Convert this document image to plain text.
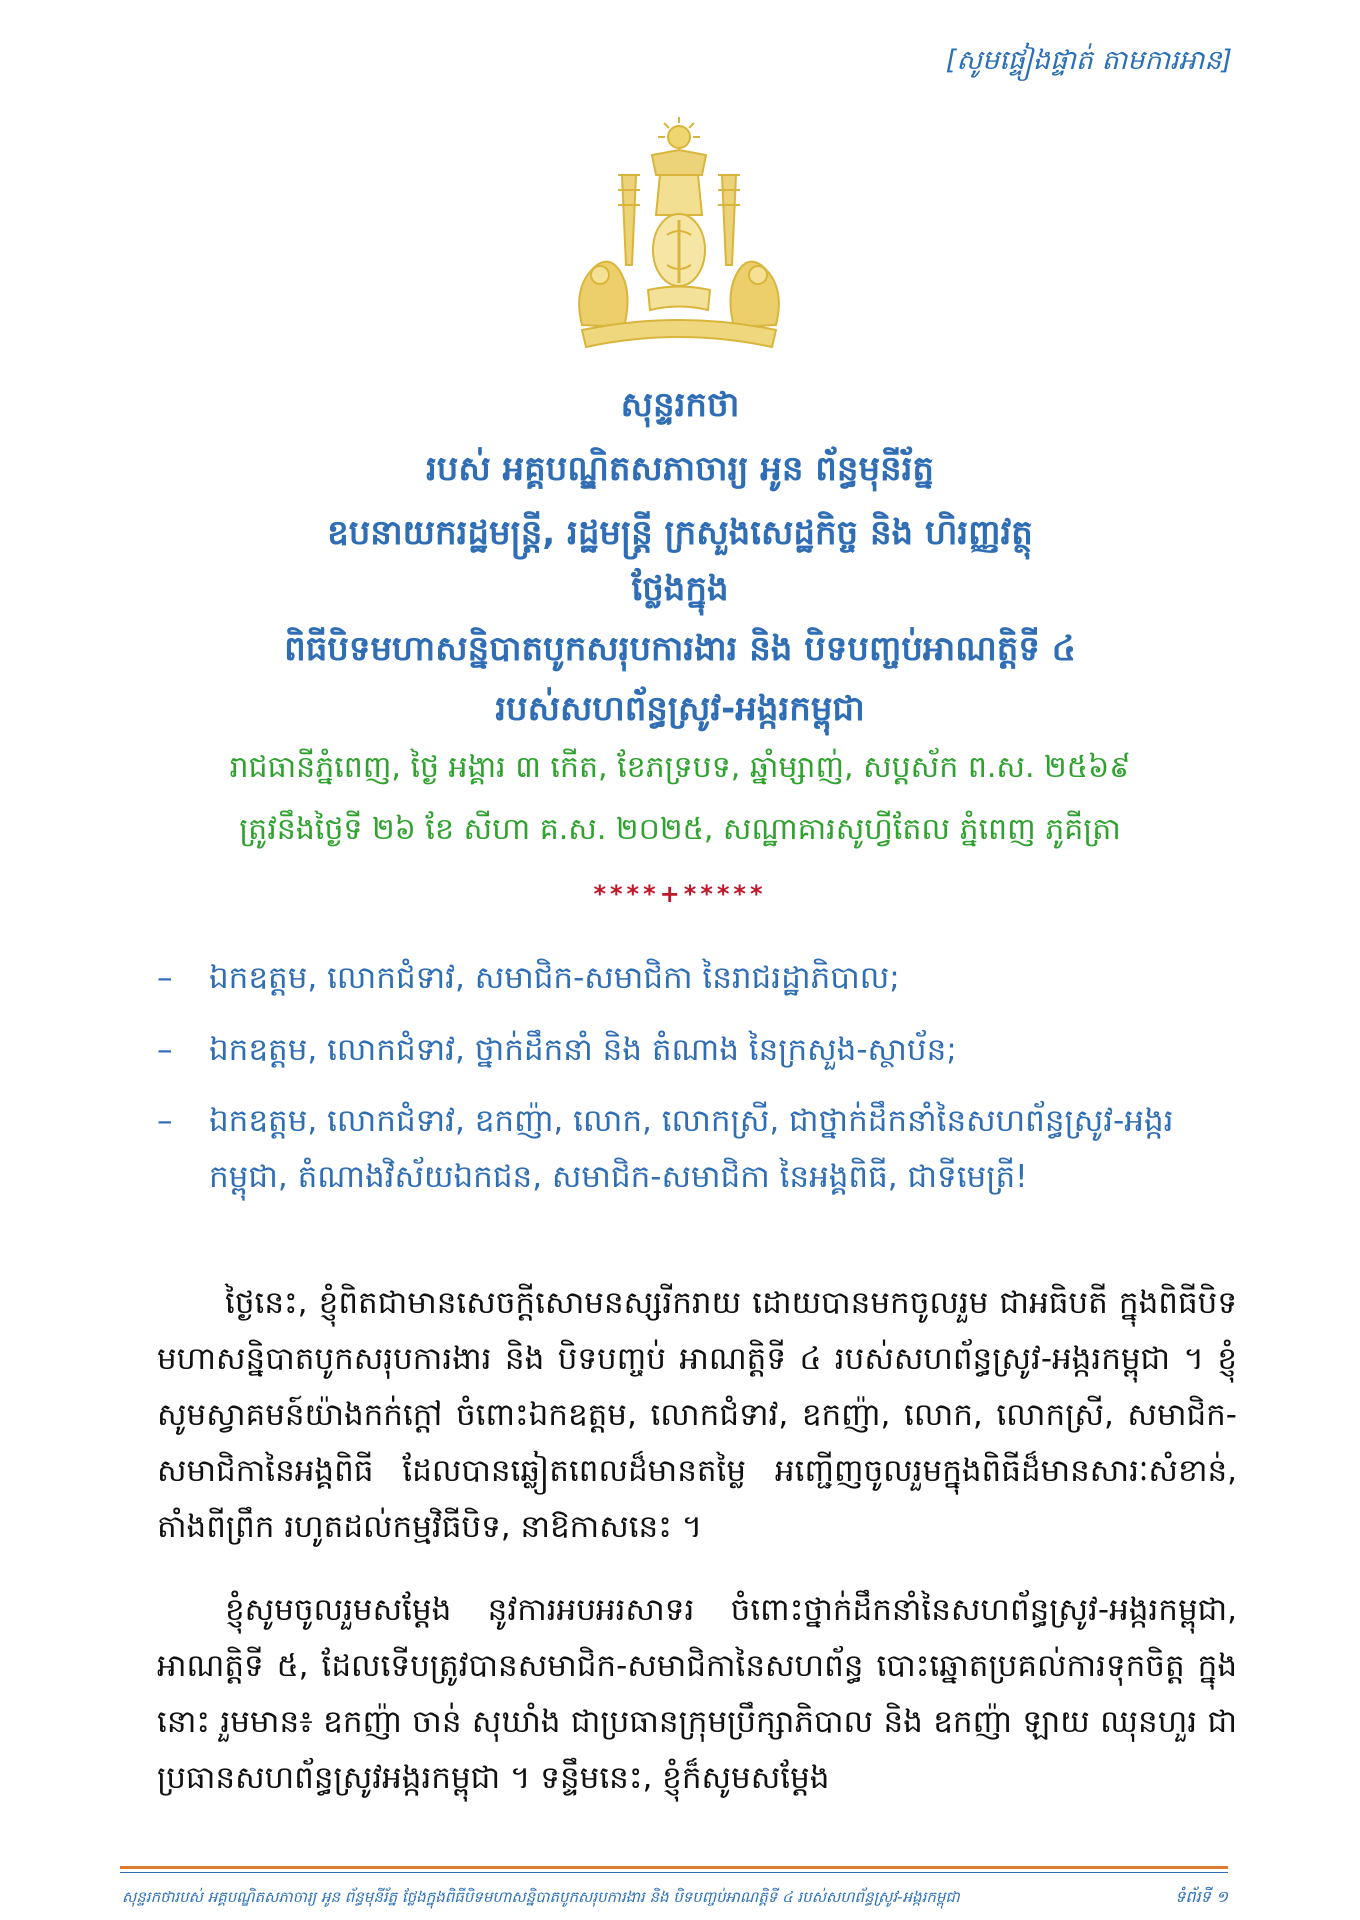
[សូមផ្ទៀងផ្ទាត់ តាមការអាន]
សុន្ទរកថា
របស់ អគ្គបណ្ឌិតសភាចារ្យ អូន ព័ន្ធមុនីរ័ត្ន
ឧបនាយករដ្ឋមន្ត្រី, រដ្ឋមន្ត្រី ក្រសួងសេដ្ឋកិច្ច និង ហិរញ្ញវត្ថុ
ថ្លែងក្នុង
ពិធីបិទមហាសន្និបាតបូកសរុបការងារ និង បិទបញ្ចប់អាណត្តិទី ៤
របស់សហព័ន្ធស្រូវ-អង្ករកម្ពុជា
រាជធានីភ្នំពេញ, ថ្ងៃ អង្គារ ៣ កើត, ខែភទ្របទ, ឆ្នាំម្សាញ់, សប្តស័ក ព.ស. ២៥៦៩
ត្រូវនឹងថ្ងៃទី ២៦ ខែ សីហា គ.ស. ២០២៥, សណ្ឋាគារសូហ្វីតែល ភ្នំពេញ ភូគីត្រា
****+*****
– ឯកឧត្តម, លោកជំទាវ, សមាជិក-សមាជិកា នៃរាជរដ្ឋាភិបាល;
– ឯកឧត្តម, លោកជំទាវ, ថ្នាក់ដឹកនាំ និង តំណាង នៃក្រសួង-ស្ថាប័ន;
– ឯកឧត្តម, លោកជំទាវ, ឧកញ៉ា, លោក, លោកស្រី, ជាថ្នាក់ដឹកនាំនៃសហព័ន្ធស្រូវ-អង្ករកម្ពុជា, តំណាងវិស័យឯកជន, សមាជិក-សមាជិកា នៃអង្គពិធី, ជាទីមេត្រី!

ថ្ងៃនេះ, ខ្ញុំពិតជាមានសេចក្តីសោមនស្សរីករាយ ដោយបានមកចូលរួម ជាអធិបតី ក្នុងពិធីបិទ មហាសន្និបាតបូកសរុបការងារ និង បិទបញ្ចប់ អាណត្តិទី ៤ របស់សហព័ន្ធស្រូវ-អង្ករកម្ពុជា ។ ខ្ញុំសូមស្វាគមន៍យ៉ាងកក់ក្តៅ ចំពោះឯកឧត្តម, លោកជំទាវ, ឧកញ៉ា, លោក, លោកស្រី, សមាជិក-សមាជិកានៃអង្គពិធី ដែលបានឆ្លៀតពេលដ៏មានតម្លៃ អញ្ជើញចូលរួមក្នុងពិធីដ៏មានសារៈសំខាន់, តាំងពីព្រឹក រហូតដល់កម្មវិធីបិទ, នាឱកាសនេះ ។

ខ្ញុំសូមចូលរួមសម្តែង នូវការអបអរសាទរ ចំពោះថ្នាក់ដឹកនាំនៃសហព័ន្ធស្រូវ-អង្ករកម្ពុជា, អាណត្តិទី ៥, ដែលទើបត្រូវបានសមាជិក-សមាជិកានៃសហព័ន្ធ បោះឆ្នោតប្រគល់ការទុកចិត្ត ក្នុងនោះ រួមមាន៖ ឧកញ៉ា ចាន់ សុឃាំង ជាប្រធានក្រុមប្រឹក្សាភិបាល និង ឧកញ៉ា ឡាយ ឈុនហួរ ជាប្រធានសហព័ន្ធស្រូវអង្ករកម្ពុជា ។ ទន្ទឹមនេះ, ខ្ញុំក៏សូមសម្តែង

សុន្ទរកថារបស់ អគ្គបណ្ឌិតសភាចារ្យ អូន ព័ន្ធមុនីរ័ត្ន ថ្លែងក្នុងពិធីបិទមហាសន្និបាតបូកសរុបការងារ និង បិទបញ្ចប់អាណត្តិទី ៤ របស់សហព័ន្ធស្រូវ-អង្ករកម្ពុជា	ទំព័រទី ១
